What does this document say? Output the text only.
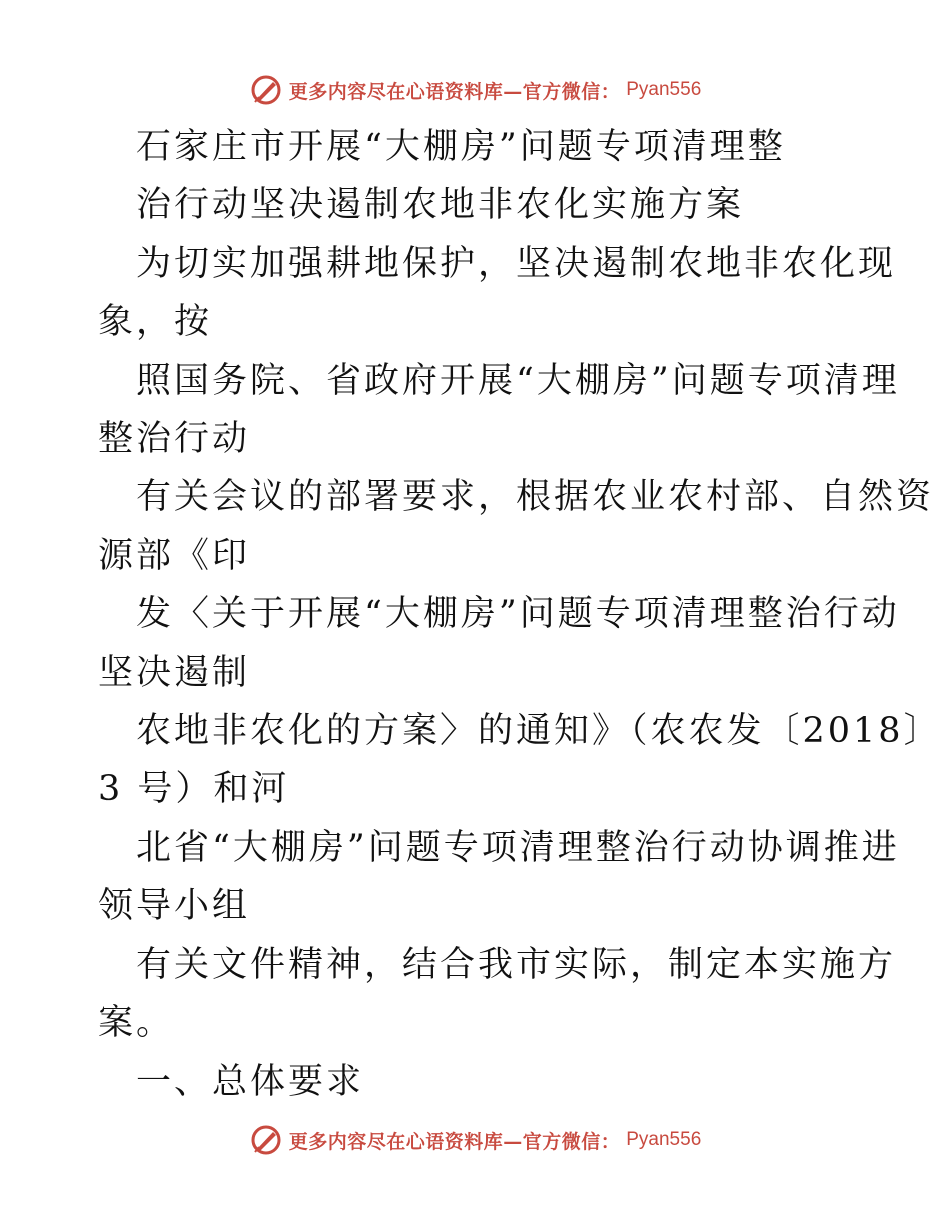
更多内容尽在心语资料库—官方微信： Pyan556

石家庄市开展“大棚房”问题专项清理整

治行动坚决遏制农地非农化实施方案

为切实加强耕地保护，坚决遏制农地非农化现
象，按

照国务院、省政府开展“大棚房”问题专项清理
整治行动

有关会议的部署要求，根据农业农村部、自然资
源部《印

发〈关于开展“大棚房”问题专项清理整治行动
坚决遏制

农地非农化的方案〉的通知》（农农发〔2018〕
3 号）和河

北省“大棚房”问题专项清理整治行动协调推进
领导小组

有关文件精神，结合我市实际，制定本实施方
案。

一、总体要求

更多内容尽在心语资料库—官方微信： Pyan556
